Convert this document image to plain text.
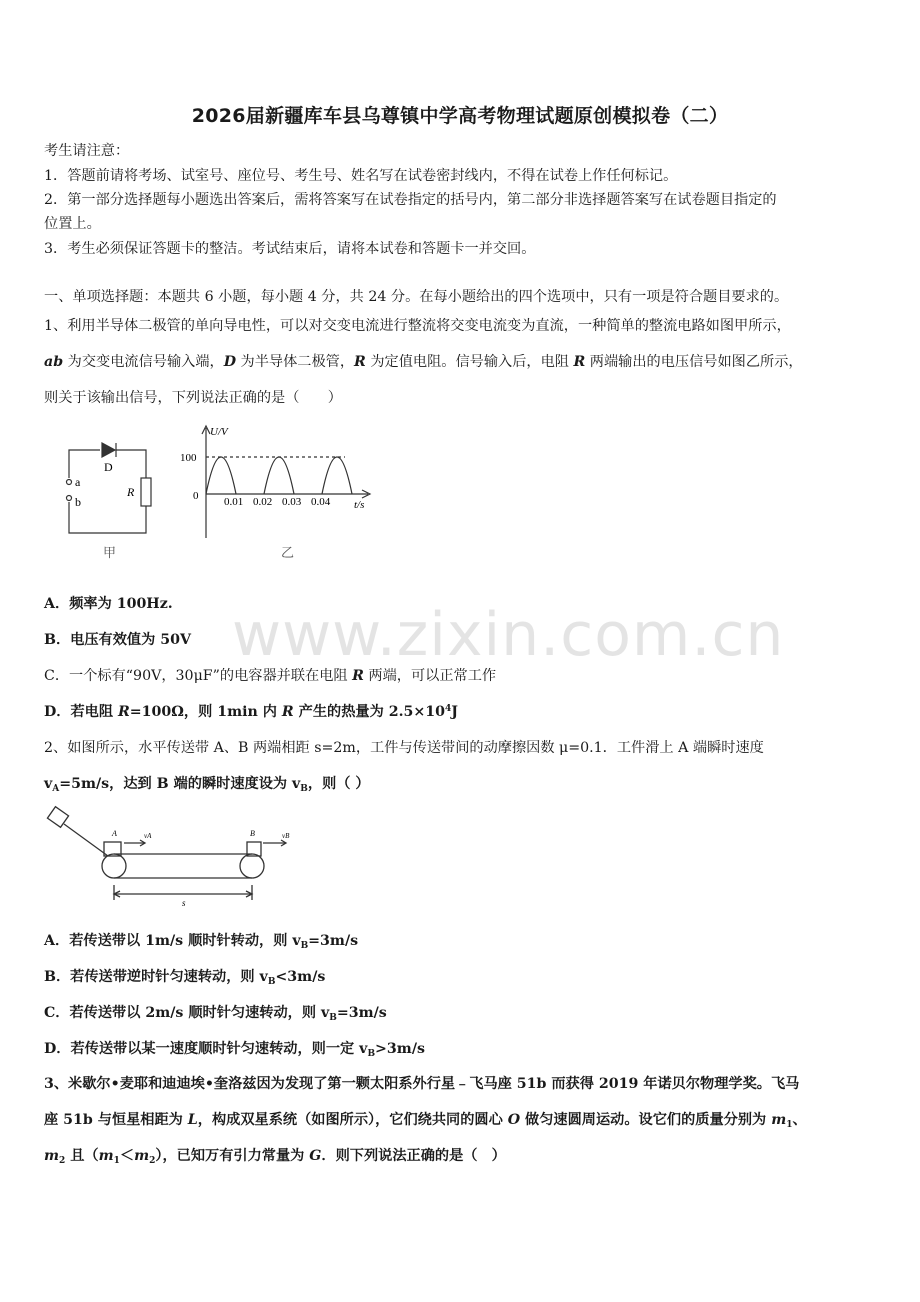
www.zixin.com.cn
2026届新疆库车县乌尊镇中学高考物理试题原创模拟卷（二）
考生请注意：
1．答题前请将考场、试室号、座位号、考生号、姓名写在试卷密封线内，不得在试卷上作任何标记。
2．第一部分选择题每小题选出答案后，需将答案写在试卷指定的括号内，第二部分非选择题答案写在试卷题目指定的
位置上。
3．考生必须保证答题卡的整洁。考试结束后，请将本试卷和答题卡一并交回。
一、单项选择题：本题共 6 小题，每小题 4 分，共 24 分。在每小题给出的四个选项中，只有一项是符合题目要求的。
1、利用半导体二极管的单向导电性，可以对交变电流进行整流将交变电流变为直流，一种简单的整流电路如图甲所示，
ab 为交变电流信号输入端，D 为半导体二极管，R 为定值电阻。信号输入后，电阻 R 两端输出的电压信号如图乙所示，
则关于该输出信号，下列说法正确的是（　　）
D
a
b
R
甲
U/V
t/s
100
0 0.01 0.02 0.03 0.04
乙
A．频率为 100Hz.
B．电压有效值为 50V
C．一个标有“90V，30μF”的电容器并联在电阻 R 两端，可以正常工作
D．若电阻 R=100Ω，则 1min 内 R 产生的热量为 $2.5\times 10^4J$
2、如图所示，水平传送带 A、B 两端相距 s=2m，工件与传送带间的动摩擦因数 μ=0.1．工件滑上 A 端瞬时速度
$v_A=5m/s$，达到 B 端的瞬时速度设为 $v_B$，则（ ）
A	B
vA	vB
s
A．若传送带以 1m/s 顺时针转动，则 $v_B=3m/s$
B．若传送带逆时针匀速转动，则 $v_B<3m/s$
C．若传送带以 2m/s 顺时针匀速转动，则 $v_B=3m/s$
D．若传送带以某一速度顺时针匀速转动，则一定 $v_B>3m/s$
3、米歇尔•麦耶和迪迪埃•奎洛兹因为发现了第一颗太阳系外行星﹣飞马座 51b 而获得 2019 年诺贝尔物理学奖。飞马
座 51b 与恒星相距为 L，构成双星系统（如图所示），它们绕共同的圆心 O 做匀速圆周运动。设它们的质量分别为 $m_1$、
$m_2$ 且$(m_1<m_2)$，已知万有引力常量为 G．则下列说法正确的是（　）
